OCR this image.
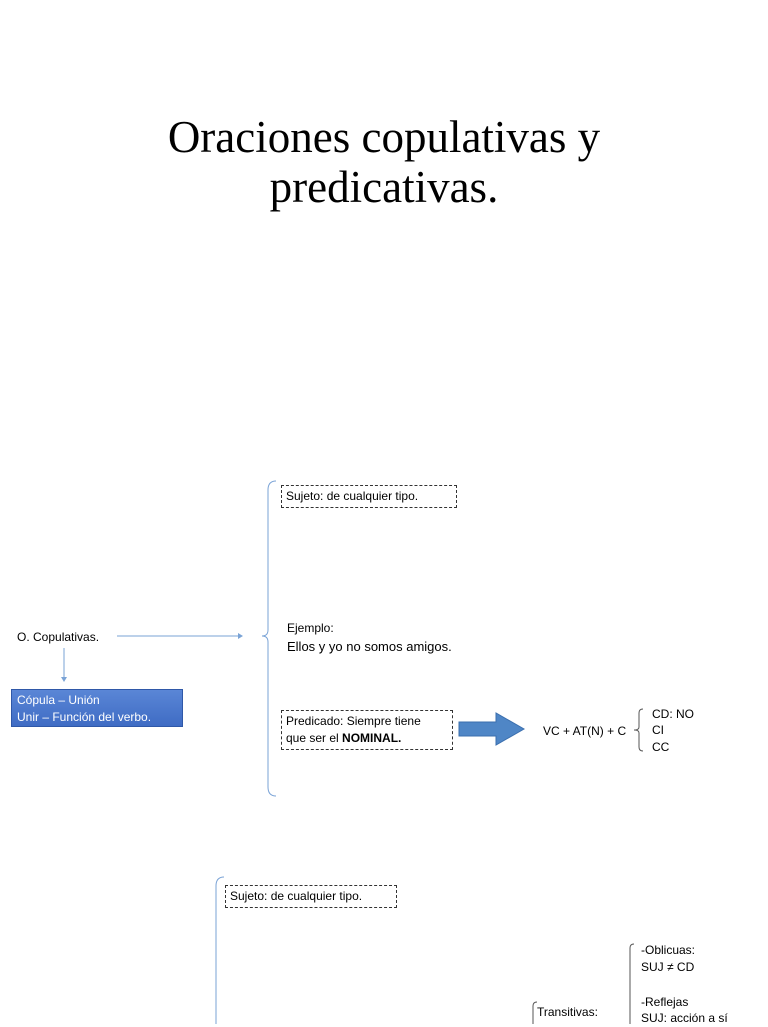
Oraciones copulativas y
predicativas.
Sujeto: de cualquier tipo.
O. Copulativas.
Cópula – Unión
Unir – Función del verbo.
Ejemplo:
Ellos y yo no somos amigos.
Predicado: Siempre tiene
que ser el NOMINAL.	VC + AT(N) + C
CD: NO
CI
CC
Sujeto: de cualquier tipo.
-Oblicuas:
SUJ ≠ CD
-Reflejas
SUJ: acción a sí
Transitivas:
